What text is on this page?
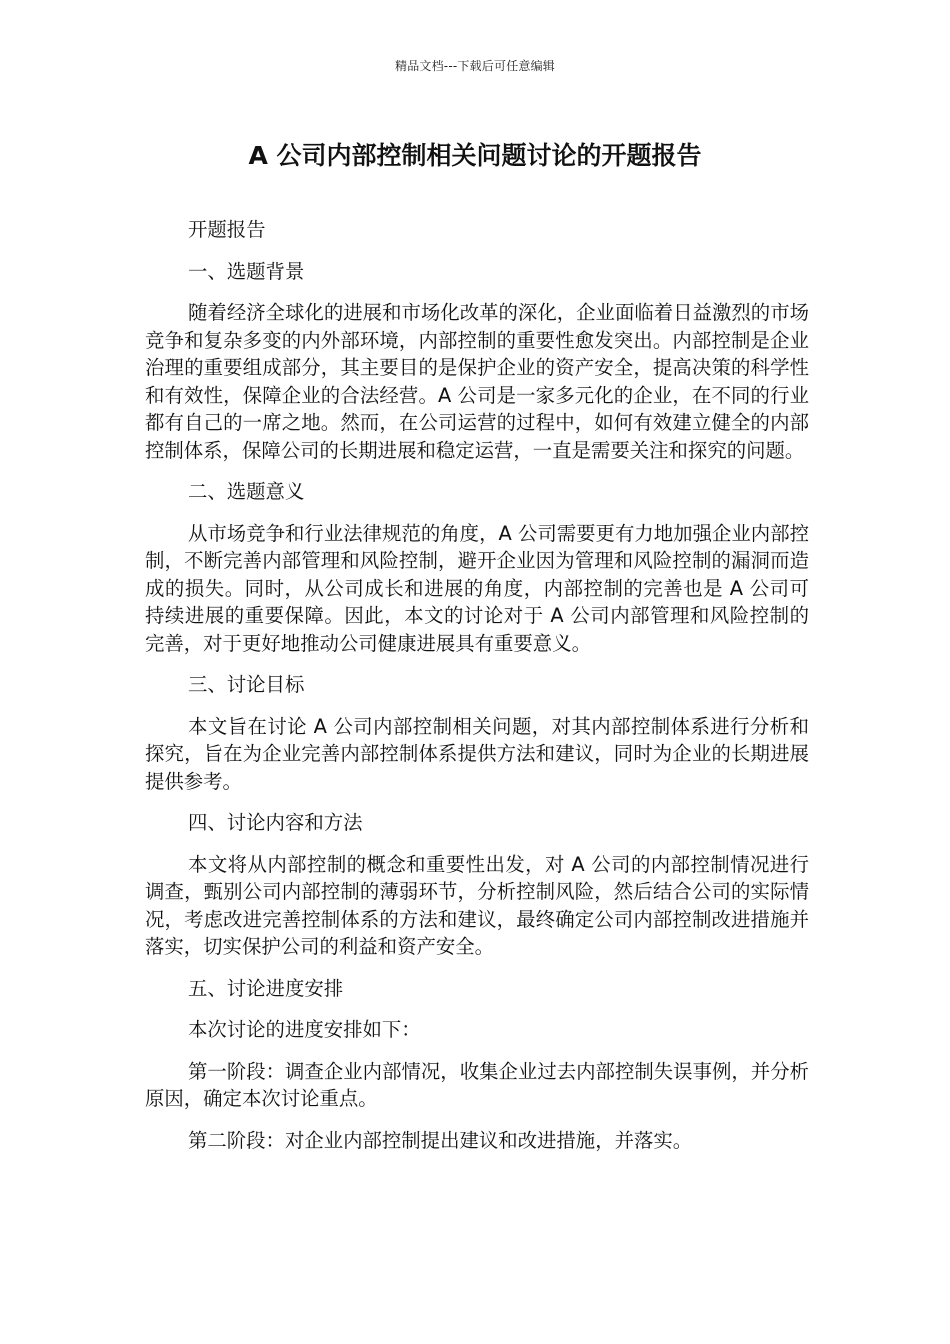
精品文档---下载后可任意编辑
A 公司内部控制相关问题讨论的开题报告

开题报告

一、选题背景

随着经济全球化的进展和市场化改革的深化，企业面临着日益激烈的市场竞争和复杂多变的内外部环境，内部控制的重要性愈发突出。内部控制是企业治理的重要组成部分，其主要目的是保护企业的资产安全，提高决策的科学性和有效性，保障企业的合法经营。A 公司是一家多元化的企业，在不同的行业都有自己的一席之地。然而，在公司运营的过程中，如何有效建立健全的内部控制体系，保障公司的长期进展和稳定运营，一直是需要关注和探究的问题。

二、选题意义

从市场竞争和行业法律规范的角度，A 公司需要更有力地加强企业内部控制，不断完善内部管理和风险控制，避开企业因为管理和风险控制的漏洞而造成的损失。同时，从公司成长和进展的角度，内部控制的完善也是 A 公司可持续进展的重要保障。因此，本文的讨论对于 A 公司内部管理和风险控制的完善，对于更好地推动公司健康进展具有重要意义。

三、讨论目标

本文旨在讨论 A 公司内部控制相关问题，对其内部控制体系进行分析和探究，旨在为企业完善内部控制体系提供方法和建议，同时为企业的长期进展提供参考。

四、讨论内容和方法

本文将从内部控制的概念和重要性出发，对 A 公司的内部控制情况进行调查，甄别公司内部控制的薄弱环节，分析控制风险，然后结合公司的实际情况，考虑改进完善控制体系的方法和建议，最终确定公司内部控制改进措施并落实，切实保护公司的利益和资产安全。

五、讨论进度安排

本次讨论的进度安排如下：

第一阶段：调查企业内部情况，收集企业过去内部控制失误事例，并分析原因，确定本次讨论重点。

第二阶段：对企业内部控制提出建议和改进措施，并落实。
